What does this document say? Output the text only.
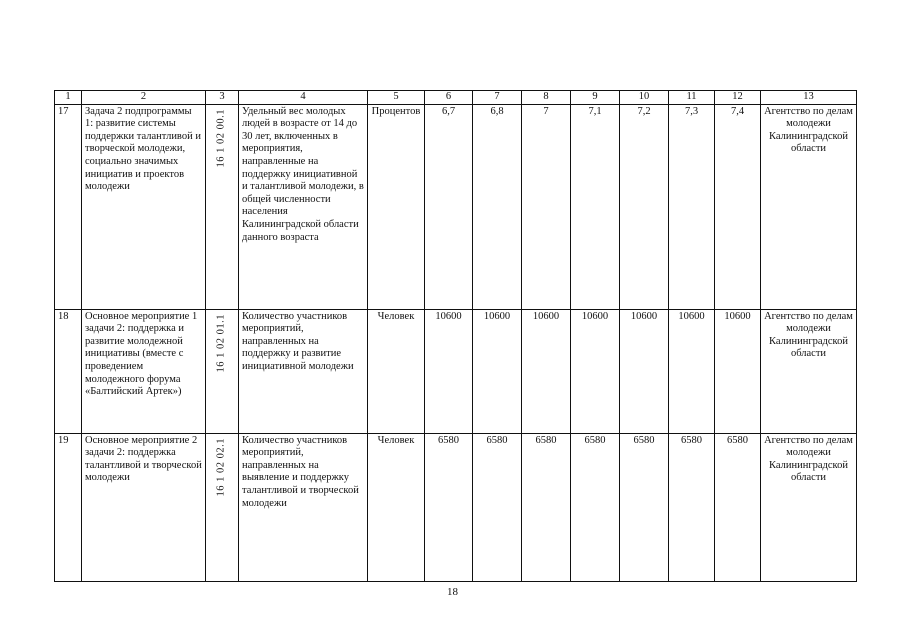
1	2	3	4	5	6	7	8	9	10	11	12	13
17	Задача 2 подпрограммы 1: развитие системы поддержки талантливой и творческой молодежи, социально значимых инициатив и проектов молодежи	16 1 02 00.1	Удельный вес молодых людей в возрасте от 14 до 30 лет, включенных в мероприятия, направленные на поддержку инициативной и талантливой молодежи, в общей численности населения Калининградской области данного возраста	Процентов	6,7	6,8	7	7,1	7,2	7,3	7,4	Агентство по делам молодежи Калининградской области
18	Основное мероприятие 1 задачи 2: поддержка и развитие молодежной инициативы (вместе с проведением молодежного форума «Балтийский Артек»)	16 1 02 01.1	Количество участников мероприятий, направленных на поддержку и развитие инициативной молодежи	Человек	10600	10600	10600	10600	10600	10600	10600	Агентство по делам молодежи Калининградской области
19	Основное мероприятие 2 задачи 2: поддержка талантливой и творческой молодежи	16 1 02 02.1	Количество участников мероприятий, направленных на выявление и поддержку талантливой и творческой молодежи	Человек	6580	6580	6580	6580	6580	6580	6580	Агентство по делам молодежи Калининградской области
18
